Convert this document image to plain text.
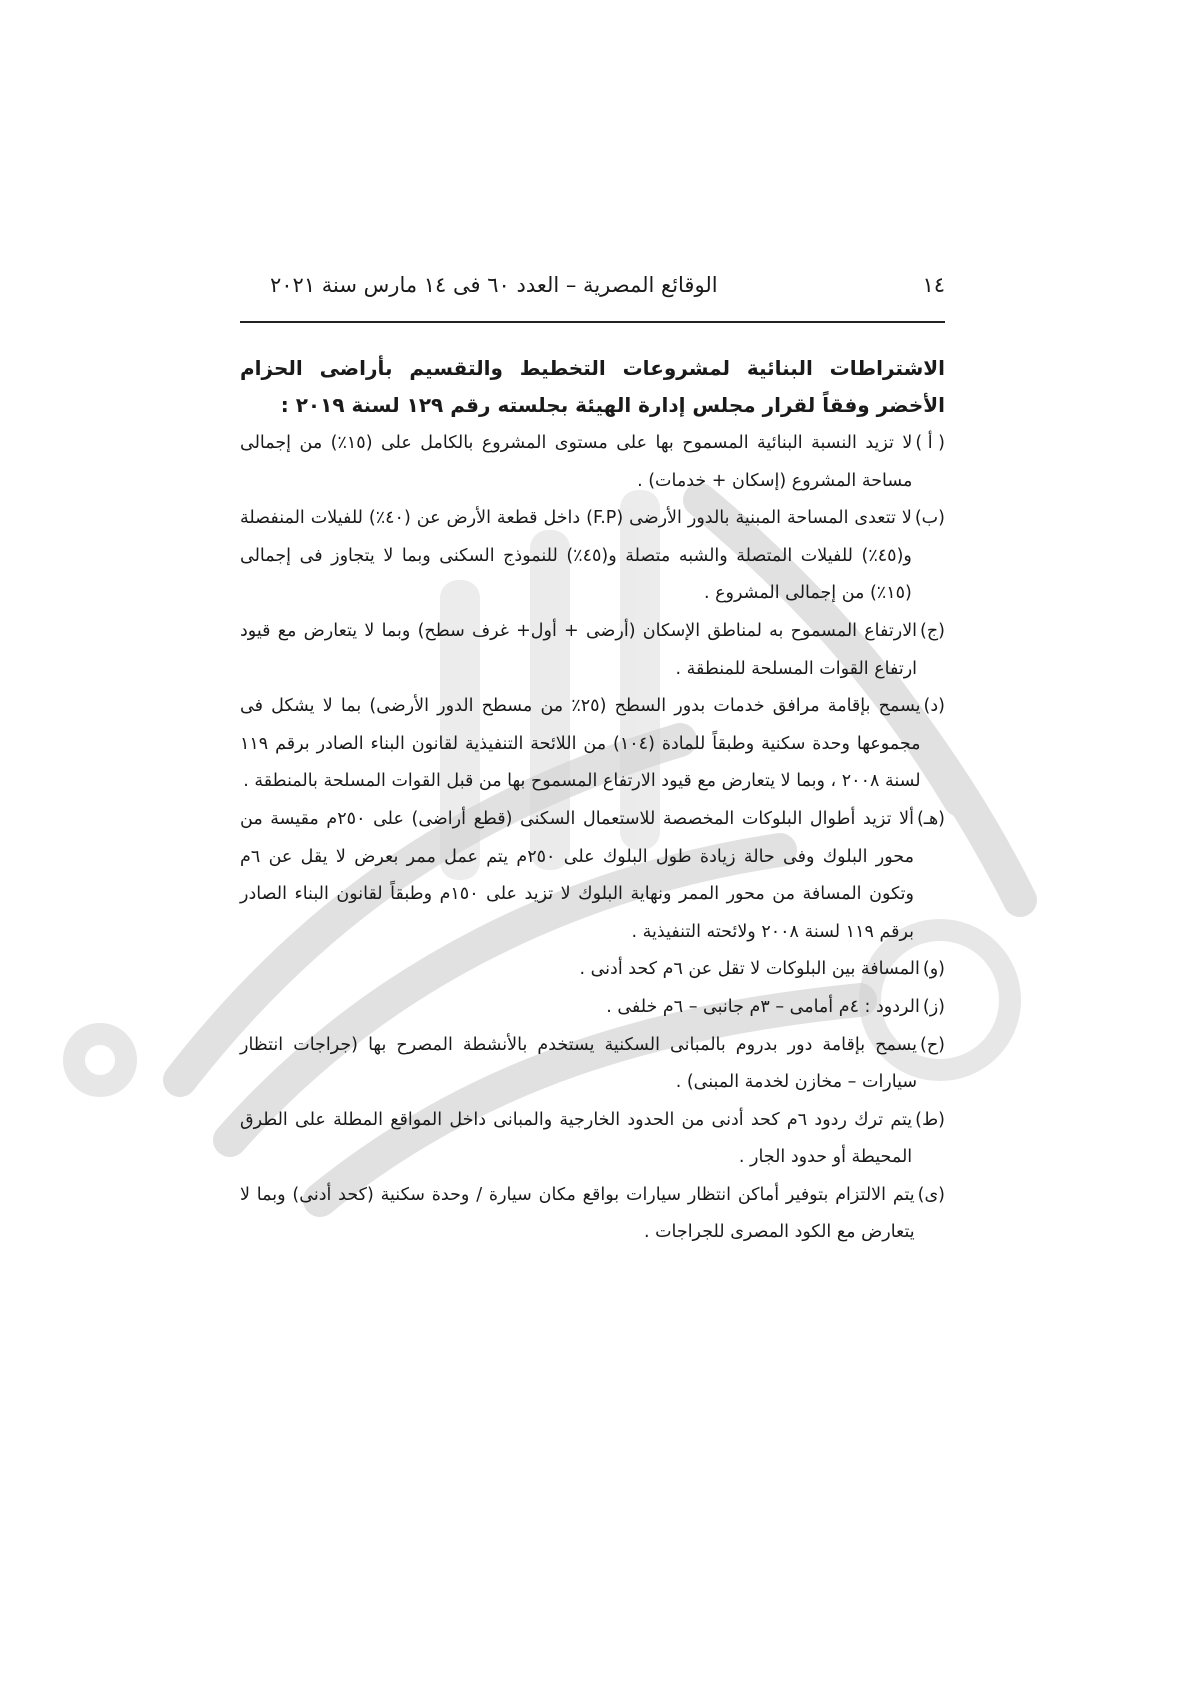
١٤
الوقائع المصرية – العدد ٦٠ فى ١٤ مارس سنة ٢٠٢١
الاشتراطات البنائية لمشروعات التخطيط والتقسيم بأراضى الحزام الأخضر وفقاً لقرار مجلس إدارة الهيئة بجلسته رقم ١٢٩ لسنة ٢٠١٩ :
( أ )
لا تزيد النسبة البنائية المسموح بها على مستوى المشروع بالكامل على (١٥٪) من إجمالى مساحة المشروع (إسكان + خدمات) .
(ب)
لا تتعدى المساحة المبنية بالدور الأرضى (F.P) داخل قطعة الأرض عن (٤٠٪) للفيلات المنفصلة و(٤٥٪) للفيلات المتصلة والشبه متصلة و(٤٥٪) للنموذج السكنى وبما لا يتجاوز فى إجمالى (١٥٪) من إجمالى المشروع .
(ج)
الارتفاع المسموح به لمناطق الإسكان (أرضى + أول+ غرف سطح) وبما لا يتعارض مع قيود ارتفاع القوات المسلحة للمنطقة .
(د)
يسمح بإقامة مرافق خدمات بدور السطح (٢٥٪ من مسطح الدور الأرضى) بما لا يشكل فى مجموعها وحدة سكنية وطبقاً للمادة (١٠٤) من اللائحة التنفيذية لقانون البناء الصادر برقم ١١٩ لسنة ٢٠٠٨ ، وبما لا يتعارض مع قيود الارتفاع المسموح بها من قبل القوات المسلحة بالمنطقة .
(هـ)
ألا تزيد أطوال البلوكات المخصصة للاستعمال السكنى (قطع أراضى) على ٢٥٠م مقيسة من محور البلوك وفى حالة زيادة طول البلوك على ٢٥٠م يتم عمل ممر بعرض لا يقل عن ٦م وتكون المسافة من محور الممر ونهاية البلوك لا تزيد على ١٥٠م وطبقاً لقانون البناء الصادر برقم ١١٩ لسنة ٢٠٠٨ ولائحته التنفيذية .
(و)
المسافة بين البلوكات لا تقل عن ٦م كحد أدنى .
(ز)
الردود : ٤م أمامى – ٣م جانبى – ٦م خلفى .
(ح)
يسمح بإقامة دور بدروم بالمبانى السكنية يستخدم بالأنشطة المصرح بها (جراجات انتظار سيارات – مخازن لخدمة المبنى) .
(ط)
يتم ترك ردود ٦م كحد أدنى من الحدود الخارجية والمبانى داخل المواقع المطلة على الطرق المحيطة أو حدود الجار .
(ى)
يتم الالتزام بتوفير أماكن انتظار سيارات بواقع مكان سيارة / وحدة سكنية (كحد أدنى) وبما لا يتعارض مع الكود المصرى للجراجات .
